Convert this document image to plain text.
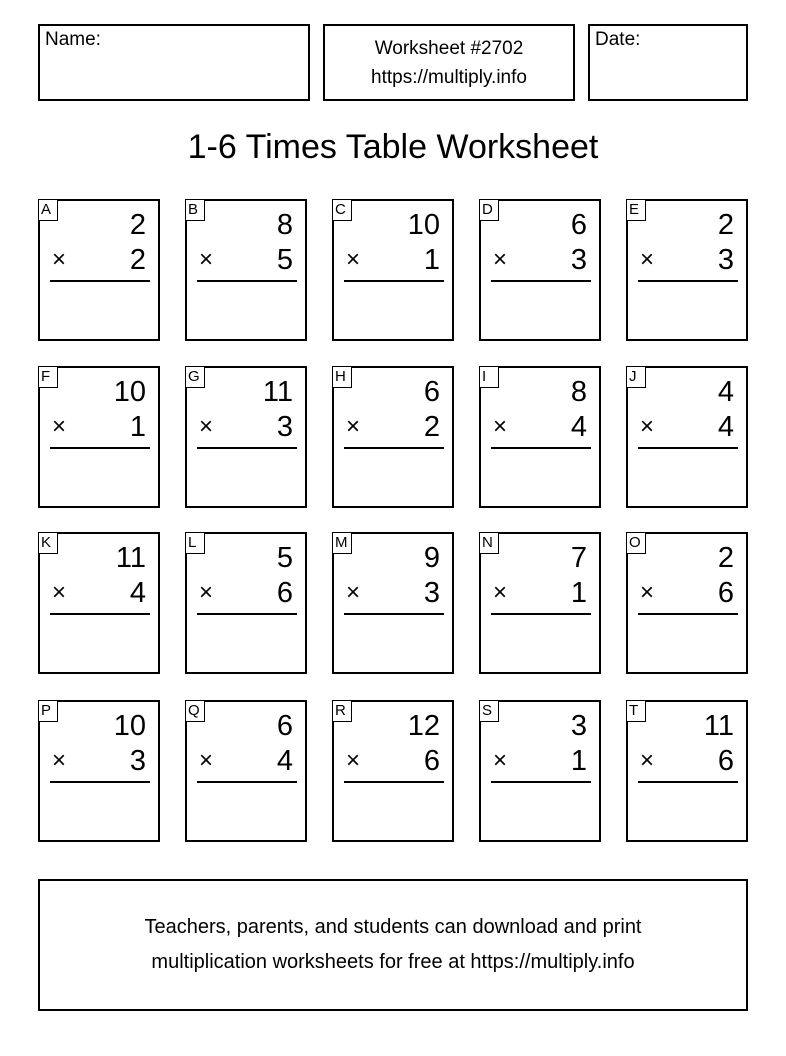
Name:	Worksheet #2702
https://multiply.info
Date:
1-6 Times Table Worksheet
A	2
× 2
B	8
× 5
C 10
× 1
D	6
× 3
E	2
× 3
F 10
× 1
G 11
× 3
H	6
× 2
I	8
× 4
J	4
× 4
K 11
× 4
L	5
× 6
M	9
× 3
N	7
× 1
O	2
× 6
P 10
× 3
Q	6
× 4
R 12
× 6
S	3
× 1
T 11
× 6
Teachers, parents, and students can download and print
multiplication worksheets for free at https://multiply.info
